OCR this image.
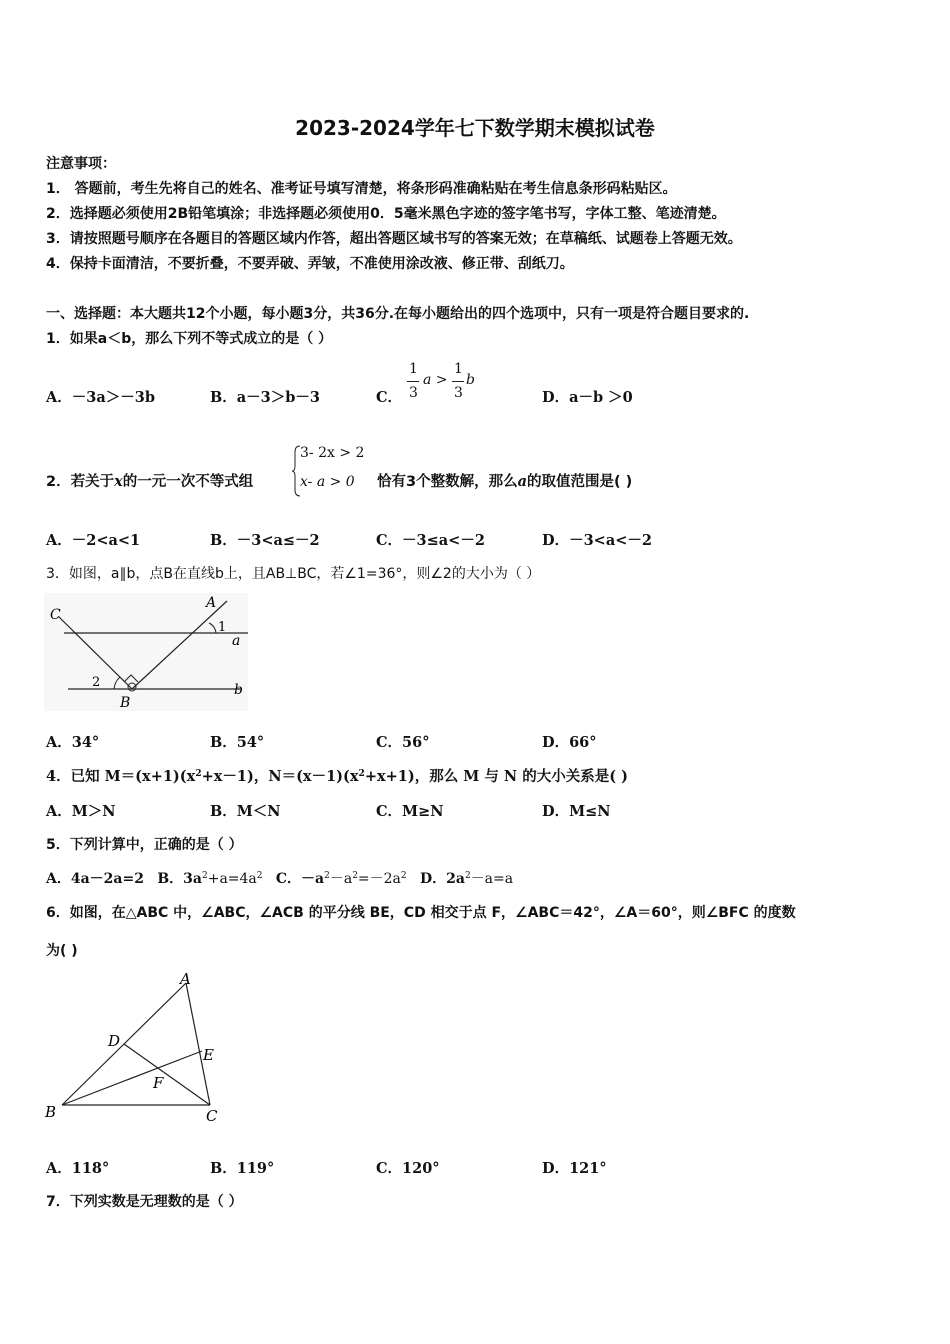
2023-2024学年七下数学期末模拟试卷
注意事项：
1． 答题前，考生先将自己的姓名、准考证号填写清楚，将条形码准确粘贴在考生信息条形码粘贴区。
2．选择题必须使用2B铅笔填涂；非选择题必须使用0．5毫米黑色字迹的签字笔书写，字体工整、笔迹清楚。
3．请按照题号顺序在各题目的答题区域内作答，超出答题区域书写的答案无效；在草稿纸、试题卷上答题无效。
4．保持卡面清洁，不要折叠，不要弄破、弄皱，不准使用涂改液、修正带、刮纸刀。
一、选择题：本大题共12个小题，每小题3分，共36分.在每小题给出的四个选项中，只有一项是符合题目要求的.
1．如果a＜b，那么下列不等式成立的是（ ）
A．－3a＞－3b	B．a－3＞b－3	C．
1
3
a >
1
3
b
D．a－b ＞0
2．若关于x的一元一次不等式组
3- 2x > 2
x- a > 0 恰有3个整数解，那么a的取值范围是( )
A．－2<a<1	B．－3<a≤－2	C．－3≤a<－2	D．－3<a<－2
3．如图，a∥b，点B在直线b上，且AB⊥BC，若∠1=36°，则∠2的大小为（ ）
C
A
1
a
2
B
b
A．34°	B．54°	C．56°	D．66°
4．已知 $M=(x+1)(x^2+x-1)$，$N=(x-1)(x^2+x+1)$，那么 M 与 N 的大小关系是( )
A．M＞N	B．M＜N	C．M≥N	D．M≤N
5．下列计算中，正确的是（ ）
A．4a－2a=2 B．$3a^2+a=4a^2$ C．$-a^2-a^2=-2a^2$ D．$2a^2-a=a$
6．如图，在△ABC 中，∠ABC，∠ACB 的平分线 BE，CD 相交于点 F，∠ABC＝42°，∠A＝60°，则∠BFC 的度数
为( )
A
D
E
F
B	C
A．118°	B．119°	C．120°	D．121°
7．下列实数是无理数的是（ ）
